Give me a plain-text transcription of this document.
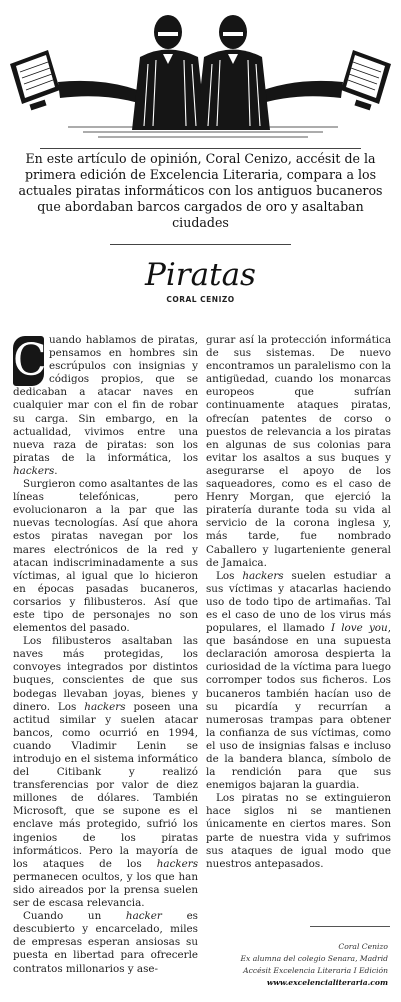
En este artículo de opinión, Coral Cenizo, accésit de la primera edición de Excelencia Literaria, compara a los actuales piratas informáticos con los antiguos bucaneros que abordaban barcos cargados de oro y asaltaban ciudades
Piratas
CORAL CENIZO

C uando hablamos de piratas, pensamos en hombres sin escrúpulos con insignias y códigos propios, que se dedicaban a atacar naves en cualquier mar con el fin de robar su carga. Sin embargo, en la actualidad, vivimos entre una nueva raza de piratas: son los piratas de la informática, los hackers.

Surgieron como asaltantes de las líneas telefónicas, pero evolucionaron a la par que las nuevas tecnologías. Así que ahora estos piratas navegan por los mares electrónicos de la red y atacan indiscriminadamente a sus víctimas, al igual que lo hicieron en épocas pasadas bucaneros, corsarios y filibusteros. Así que este tipo de personajes no son elementos del pasado.

Los filibusteros asaltaban las naves más protegidas, los convoyes integrados por distintos buques, conscientes de que sus bodegas llevaban joyas, bienes y dinero. Los hackers poseen una actitud similar y suelen atacar bancos, como ocurrió en 1994, cuando Vladimir Lenin se introdujo en el sistema informático del Citibank y realizó transferencias por valor de diez millones de dólares. También Microsoft, que se supone es el enclave más protegido, sufrió los ingenios de los piratas informáticos. Pero la mayoría de los ataques de los hackers permanecen ocultos, y los que han sido aireados por la prensa suelen ser de escasa relevancia.

Cuando un hacker es descubierto y encarcelado, miles de empresas esperan ansiosas su puesta en libertad para ofrecerle contratos millonarios y ase-

gurar así la protección informática de sus sistemas. De nuevo encontramos un paralelismo con la antigüedad, cuando los monarcas europeos que sufrían continuamente ataques piratas, ofrecían patentes de corso o puestos de relevancia a los piratas en algunas de sus colonias para evitar los asaltos a sus buques y asegurarse el apoyo de los saqueadores, como es el caso de Henry Morgan, que ejerció la piratería durante toda su vida al servicio de la corona inglesa y, más tarde, fue nombrado Caballero y lugarteniente general de Jamaica.

Los hackers suelen estudiar a sus víctimas y atacarlas haciendo uso de todo tipo de artimañas. Tal es el caso de uno de los virus más populares, el llamado I love you, que basándose en una supuesta declaración amorosa despierta la curiosidad de la víctima para luego corromper todos sus ficheros. Los bucaneros también hacían uso de su picardía y recurrían a numerosas trampas para obtener la confianza de sus víctimas, como el uso de insignias falsas e incluso de la bandera blanca, símbolo de la rendición para que sus enemigos bajaran la guardia.

Los piratas no se extinguieron hace siglos ni se mantienen únicamente en ciertos mares. Son parte de nuestra vida y sufrimos sus ataques de igual modo que nuestros antepasados.

Coral Cenizo
Ex alumna del colegio Senara, Madrid
Accésit Excelencia Literaria I Edición
www.excelencialiteraria.com
